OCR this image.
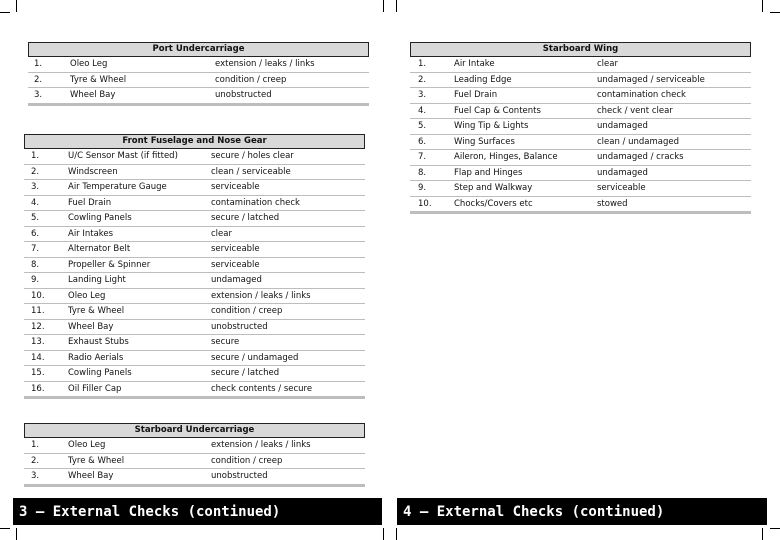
Port Undercarriage
1.	Oleo Leg	extension / leaks / links
2.	Tyre & Wheel	condition / creep
3.	Wheel Bay	unobstructed
Front Fuselage and Nose Gear
1.	U/C Sensor Mast (if fitted)	secure / holes clear
2.	Windscreen	clean / serviceable
3.	Air Temperature Gauge	serviceable
4.	Fuel Drain	contamination check
5.	Cowling Panels	secure / latched
6.	Air Intakes	clear
7.	Alternator Belt	serviceable
8.	Propeller & Spinner	serviceable
9.	Landing Light	undamaged
10.	Oleo Leg	extension / leaks / links
11.	Tyre & Wheel	condition / creep
12.	Wheel Bay	unobstructed
13.	Exhaust Stubs	secure
14.	Radio Aerials	secure / undamaged
15.	Cowling Panels	secure / latched
16.	Oil Filler Cap	check contents / secure
Starboard Undercarriage
1.	Oleo Leg	extension / leaks / links
2.	Tyre & Wheel	condition / creep
3.	Wheel Bay	unobstructed
Starboard Wing
1.	Air Intake	clear
2.	Leading Edge	undamaged / serviceable
3.	Fuel Drain	contamination check
4.	Fuel Cap & Contents	check / vent clear
5.	Wing Tip & Lights	undamaged
6.	Wing Surfaces	clean / undamaged
7.	Aileron, Hinges, Balance	undamaged / cracks
8.	Flap and Hinges	undamaged
9.	Step and Walkway	serviceable
10.	Chocks/Covers etc	stowed
3 – External Checks (continued)	4 – External Checks (continued)
